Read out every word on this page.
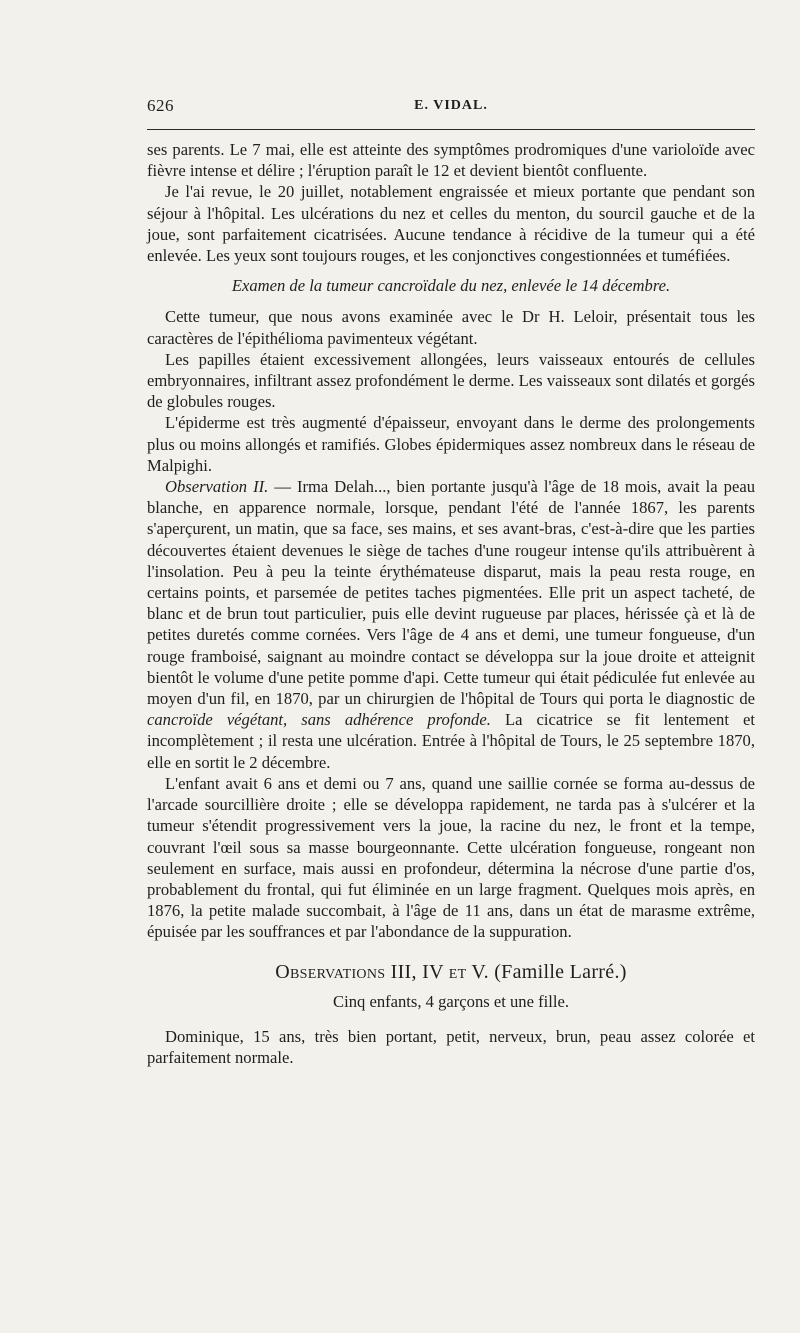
626	E. VIDAL.

ses parents. Le 7 mai, elle est atteinte des symptômes prodromiques d'une varioloïde avec fièvre intense et délire ; l'éruption paraît le 12 et devient bientôt confluente.

Je l'ai revue, le 20 juillet, notablement engraissée et mieux portante que pendant son séjour à l'hôpital. Les ulcérations du nez et celles du menton, du sourcil gauche et de la joue, sont parfaitement cicatrisées. Aucune tendance à récidive de la tumeur qui a été enlevée. Les yeux sont toujours rouges, et les conjonctives congestionnées et tuméfiées.

Examen de la tumeur cancroïdale du nez, enlevée le 14 décembre.

Cette tumeur, que nous avons examinée avec le Dr H. Leloir, présentait tous les caractères de l'épithélioma pavimenteux végétant.

Les papilles étaient excessivement allongées, leurs vaisseaux entourés de cellules embryonnaires, infiltrant assez profondément le derme. Les vaisseaux sont dilatés et gorgés de globules rouges.

L'épiderme est très augmenté d'épaisseur, envoyant dans le derme des prolongements plus ou moins allongés et ramifiés. Globes épidermiques assez nombreux dans le réseau de Malpighi.

Observation II. — Irma Delah..., bien portante jusqu'à l'âge de 18 mois, avait la peau blanche, en apparence normale, lorsque, pendant l'été de l'année 1867, les parents s'aperçurent, un matin, que sa face, ses mains, et ses avant-bras, c'est-à-dire que les parties découvertes étaient devenues le siège de taches d'une rougeur intense qu'ils attribuèrent à l'insolation. Peu à peu la teinte érythémateuse disparut, mais la peau resta rouge, en certains points, et parsemée de petites taches pigmentées. Elle prit un aspect tacheté, de blanc et de brun tout particulier, puis elle devint rugueuse par places, hérissée çà et là de petites duretés comme cornées. Vers l'âge de 4 ans et demi, une tumeur fongueuse, d'un rouge framboisé, saignant au moindre contact se développa sur la joue droite et atteignit bientôt le volume d'une petite pomme d'api. Cette tumeur qui était pédiculée fut enlevée au moyen d'un fil, en 1870, par un chirurgien de l'hôpital de Tours qui porta le diagnostic de cancroïde végétant, sans adhérence profonde. La cicatrice se fit lentement et incomplètement ; il resta une ulcération. Entrée à l'hôpital de Tours, le 25 septembre 1870, elle en sortit le 2 décembre.

L'enfant avait 6 ans et demi ou 7 ans, quand une saillie cornée se forma au-dessus de l'arcade sourcillière droite ; elle se développa rapidement, ne tarda pas à s'ulcérer et la tumeur s'étendit progressivement vers la joue, la racine du nez, le front et la tempe, couvrant l'œil sous sa masse bourgeonnante. Cette ulcération fongueuse, rongeant non seulement en surface, mais aussi en profondeur, détermina la nécrose d'une partie d'os, probablement du frontal, qui fut éliminée en un large fragment. Quelques mois après, en 1876, la petite malade succombait, à l'âge de 11 ans, dans un état de marasme extrême, épuisée par les souffrances et par l'abondance de la suppuration.

Observations III, IV et V. (Famille Larré.)
Cinq enfants, 4 garçons et une fille.

Dominique, 15 ans, très bien portant, petit, nerveux, brun, peau assez colorée et parfaitement normale.
